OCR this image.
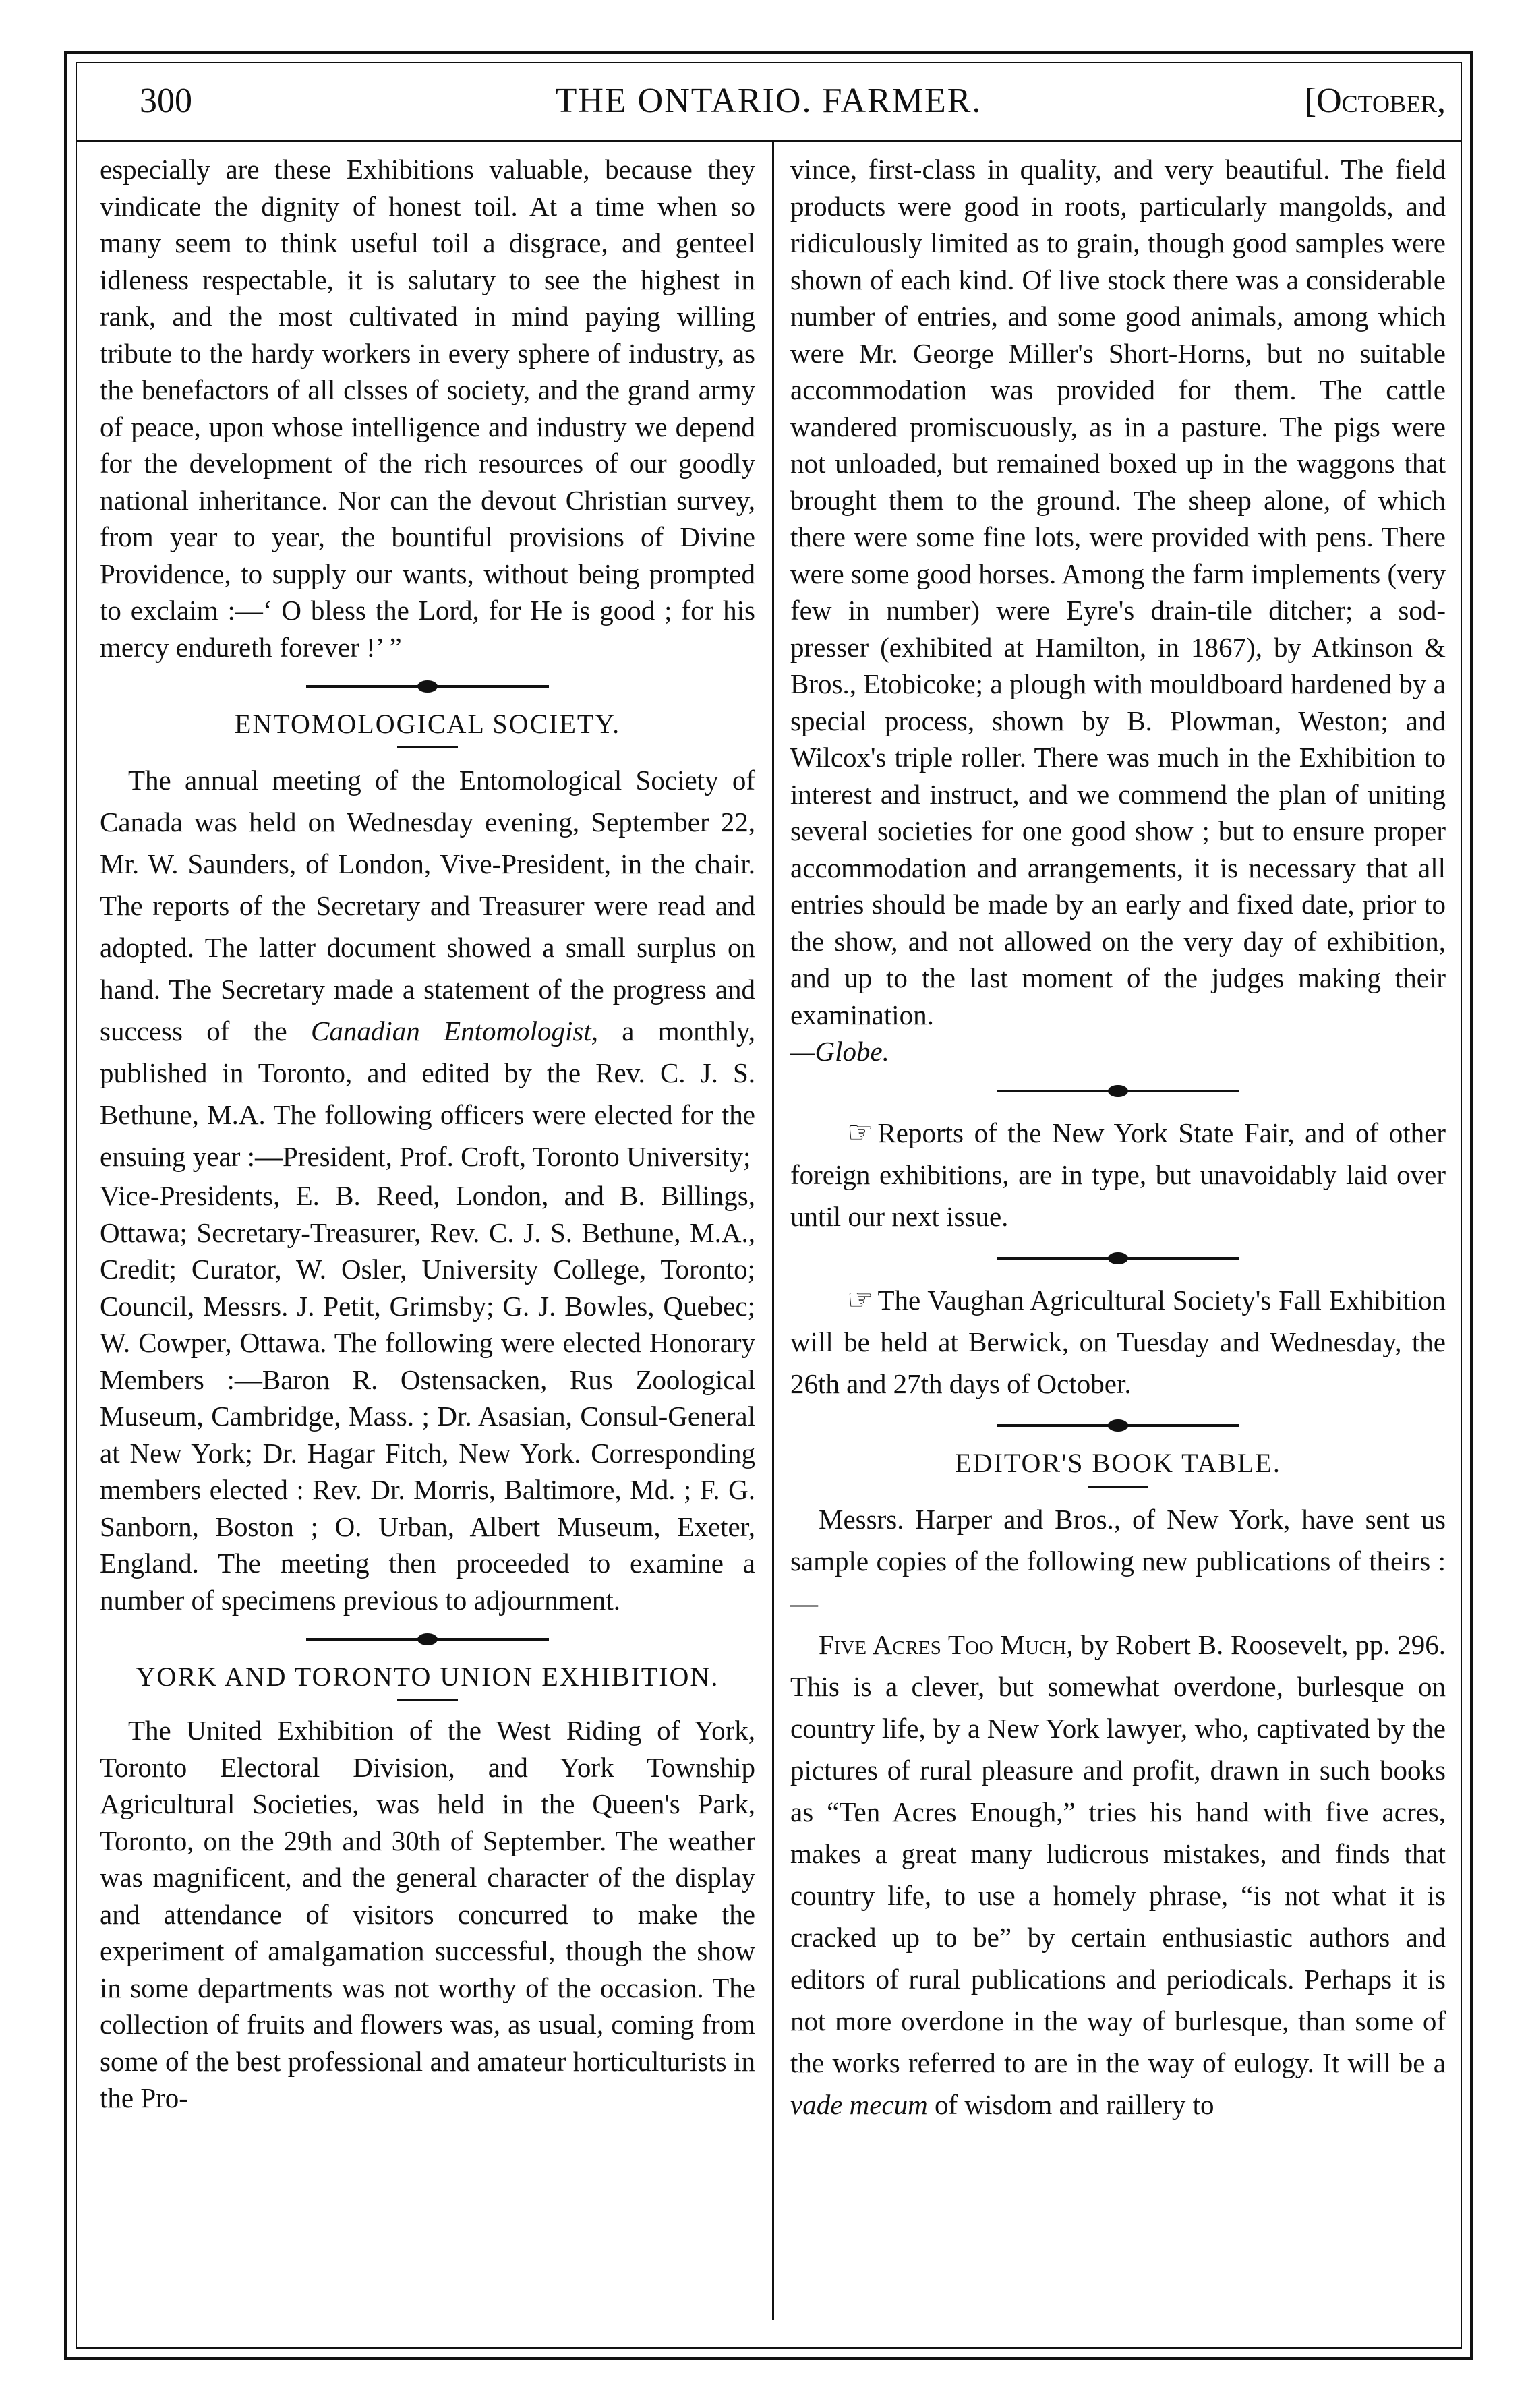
300	THE ONTARIO. FARMER.	[October,

especially are these Exhibitions valuable, because they vindicate the dignity of honest toil. At a time when so many seem to think useful toil a disgrace, and genteel idleness respectable, it is salutary to see the highest in rank, and the most cultivated in mind paying willing tribute to the hardy workers in every sphere of industry, as the benefactors of all clsses of society, and the grand army of peace, upon whose intelligence and industry we depend for the development of the rich resources of our goodly national inheritance. Nor can the devout Christian survey, from year to year, the bountiful provisions of Divine Providence, to supply our wants, without being prompted to exclaim :—‘ O bless the Lord, for He is good ; for his mercy endureth forever !’ ”

ENTOMOLOGICAL SOCIETY.

The annual meeting of the Entomological Society of Canada was held on Wednesday evening, September 22, Mr. W. Saunders, of London, Vive-President, in the chair. The reports of the Secretary and Treasurer were read and adopted. The latter document showed a small surplus on hand. The Secretary made a statement of the progress and success of the Canadian Entomologist, a monthly, published in Toronto, and edited by the Rev. C. J. S. Bethune, M.A. The following officers were elected for the ensuing year :—President, Prof. Croft, Toronto University;

Vice-Presidents, E. B. Reed, London, and B. Billings, Ottawa; Secretary-Treasurer, Rev. C. J. S. Bethune, M.A., Credit; Curator, W. Osler, University College, Toronto; Council, Messrs. J. Petit, Grimsby; G. J. Bowles, Quebec; W. Cowper, Ottawa. The following were elected Honorary Members :—Baron R. Ostensacken, Rus Zoological Museum, Cambridge, Mass. ; Dr. Asasian, Consul-General at New York; Dr. Hagar Fitch, New York. Corresponding members elected : Rev. Dr. Morris, Baltimore, Md. ; F. G. Sanborn, Boston ; O. Urban, Albert Museum, Exeter, England. The meeting then proceeded to examine a number of specimens previous to adjournment.

YORK AND TORONTO UNION EXHIBITION.

The United Exhibition of the West Riding of York, Toronto Electoral Division, and York Township Agricultural Societies, was held in the Queen's Park, Toronto, on the 29th and 30th of September. The weather was magnificent, and the general character of the display and attendance of visitors concurred to make the experiment of amalgamation successful, though the show in some departments was not worthy of the occasion. The collection of fruits and flowers was, as usual, coming from some of the best professional and amateur horticulturists in the Pro-

vince, first-class in quality, and very beautiful. The field products were good in roots, particularly mangolds, and ridiculously limited as to grain, though good samples were shown of each kind. Of live stock there was a considerable number of entries, and some good animals, among which were Mr. George Miller's Short-Horns, but no suitable accommodation was provided for them. The cattle wandered promiscuously, as in a pasture. The pigs were not unloaded, but remained boxed up in the waggons that brought them to the ground. The sheep alone, of which there were some fine lots, were provided with pens. There were some good horses. Among the farm implements (very few in number) were Eyre's drain-tile ditcher; a sod-presser (exhibited at Hamilton, in 1867), by Atkinson & Bros., Etobicoke; a plough with mouldboard hardened by a special process, shown by B. Plowman, Weston; and Wilcox's triple roller. There was much in the Exhibition to interest and instruct, and we commend the plan of uniting several societies for one good show ; but to ensure proper accommodation and arrangements, it is necessary that all entries should be made by an early and fixed date, prior to the show, and not allowed on the very day of exhibition, and up to the last moment of the judges making their examination.

—Globe.

☞ Reports of the New York State Fair, and of other foreign exhibitions, are in type, but unavoidably laid over until our next issue.

☞ The Vaughan Agricultural Society's Fall Exhibition will be held at Berwick, on Tuesday and Wednesday, the 26th and 27th days of October.

EDITOR'S BOOK TABLE.

Messrs. Harper and Bros., of New York, have sent us sample copies of the following new publications of theirs :—

Five Acres Too Much, by Robert B. Roosevelt, pp. 296. This is a clever, but somewhat overdone, burlesque on country life, by a New York lawyer, who, captivated by the pictures of rural pleasure and profit, drawn in such books as “Ten Acres Enough,” tries his hand with five acres, makes a great many ludicrous mistakes, and finds that country life, to use a homely phrase, “is not what it is cracked up to be” by certain enthusiastic authors and editors of rural publications and periodicals. Perhaps it is not more overdone in the way of burlesque, than some of the works referred to are in the way of eulogy. It will be a vade mecum of wisdom and raillery to
